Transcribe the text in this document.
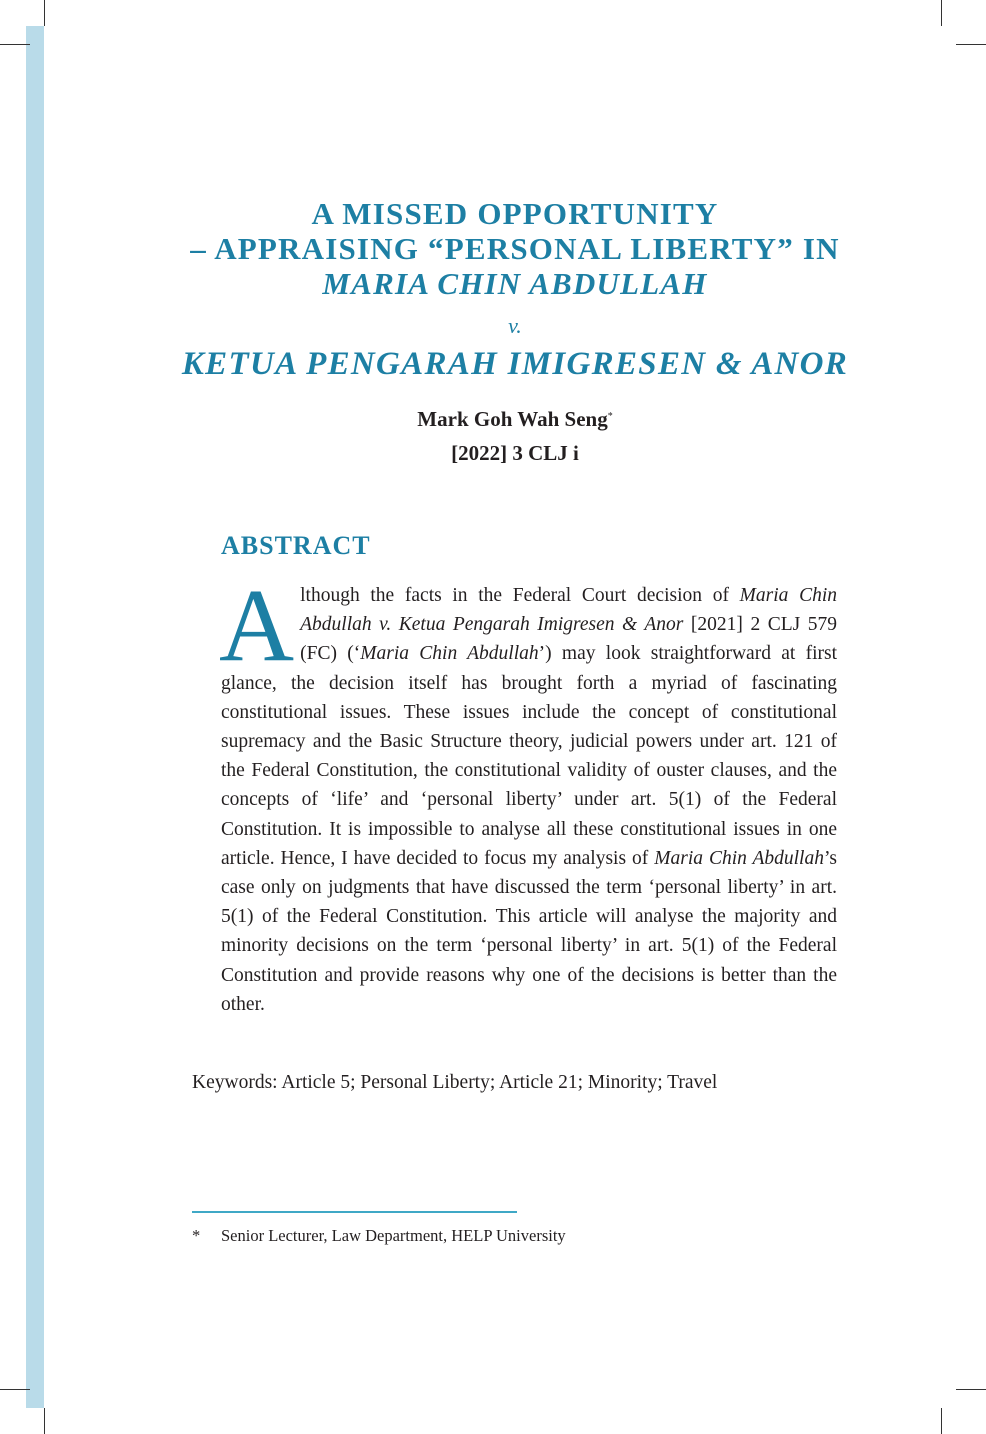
A MISSED OPPORTUNITY
– APPRAISING “PERSONAL LIBERTY” IN
MARIA CHIN ABDULLAH
v.
KETUA PENGARAH IMIGRESEN & ANOR
Mark Goh Wah Seng*
[2022] 3 CLJ i
ABSTRACT
Although the facts in the Federal Court decision of Maria Chin Abdullah v. Ketua Pengarah Imigresen & Anor [2021] 2 CLJ 579 (FC) (‘Maria Chin Abdullah’) may look straightforward at first glance, the decision itself has brought forth a myriad of fascinating constitutional issues. These issues include the concept of constitutional supremacy and the Basic Structure theory, judicial powers under art. 121 of the Federal Constitution, the constitutional validity of ouster clauses, and the concepts of ‘life’ and ‘personal liberty’ under art. 5(1) of the Federal Constitution. It is impossible to analyse all these constitutional issues in one article. Hence, I have decided to focus my analysis of Maria Chin Abdullah’s case only on judgments that have discussed the term ‘personal liberty’ in art. 5(1) of the Federal Constitution. This article will analyse the majority and minority decisions on the term ‘personal liberty’ in art. 5(1) of the Federal Constitution and provide reasons why one of the decisions is better than the other.
Keywords: Article 5; Personal Liberty; Article 21; Minority; Travel
* Senior Lecturer, Law Department, HELP University
